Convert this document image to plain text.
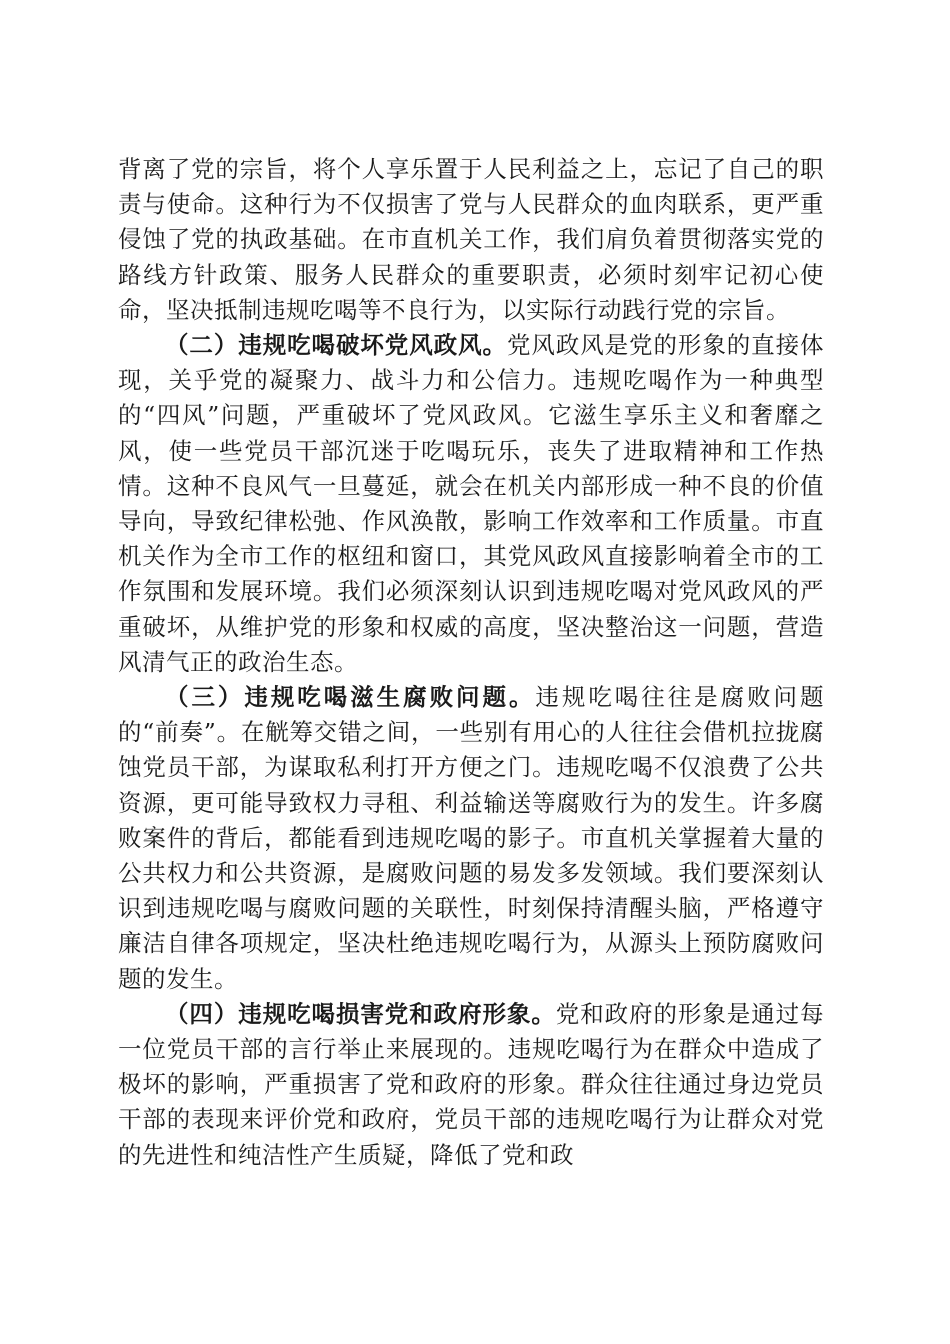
背离了党的宗旨，将个人享乐置于人民利益之上，忘记了自己的职责与使命。这种行为不仅损害了党与人民群众的血肉联系，更严重侵蚀了党的执政基础。在市直机关工作，我们肩负着贯彻落实党的路线方针政策、服务人民群众的重要职责，必须时刻牢记初心使命，坚决抵制违规吃喝等不良行为，以实际行动践行党的宗旨。

（二）违规吃喝破坏党风政风。党风政风是党的形象的直接体现，关乎党的凝聚力、战斗力和公信力。违规吃喝作为一种典型的“四风”问题，严重破坏了党风政风。它滋生享乐主义和奢靡之风，使一些党员干部沉迷于吃喝玩乐，丧失了进取精神和工作热情。这种不良风气一旦蔓延，就会在机关内部形成一种不良的价值导向，导致纪律松弛、作风涣散，影响工作效率和工作质量。市直机关作为全市工作的枢纽和窗口，其党风政风直接影响着全市的工作氛围和发展环境。我们必须深刻认识到违规吃喝对党风政风的严重破坏，从维护党的形象和权威的高度，坚决整治这一问题，营造风清气正的政治生态。

（三）违规吃喝滋生腐败问题。违规吃喝往往是腐败问题的“前奏”。在觥筹交错之间，一些别有用心的人往往会借机拉拢腐蚀党员干部，为谋取私利打开方便之门。违规吃喝不仅浪费了公共资源，更可能导致权力寻租、利益输送等腐败行为的发生。许多腐败案件的背后，都能看到违规吃喝的影子。市直机关掌握着大量的公共权力和公共资源，是腐败问题的易发多发领域。我们要深刻认识到违规吃喝与腐败问题的关联性，时刻保持清醒头脑，严格遵守廉洁自律各项规定，坚决杜绝违规吃喝行为，从源头上预防腐败问题的发生。

（四）违规吃喝损害党和政府形象。党和政府的形象是通过每一位党员干部的言行举止来展现的。违规吃喝行为在群众中造成了极坏的影响，严重损害了党和政府的形象。群众往往通过身边党员干部的表现来评价党和政府，党员干部的违规吃喝行为让群众对党的先进性和纯洁性产生质疑，降低了党和政
